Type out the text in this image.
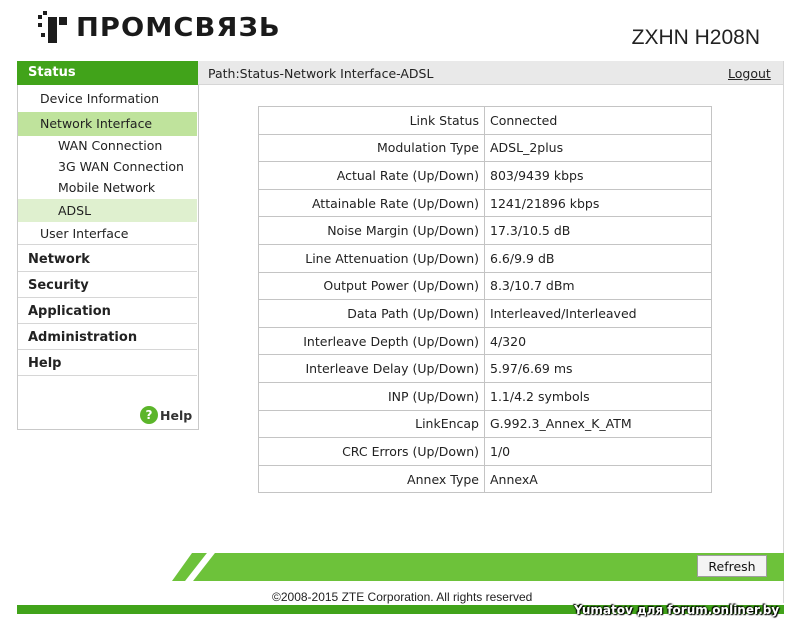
ПРОМСВЯЗЬ	ZXHN H208N
Status
Device Information
Network Interface
WAN Connection
3G WAN Connection
Mobile Network
ADSL
User Interface
Network
Security
Application
Administration
Help
? Help
Path:Status-Network Interface-ADSL	Logout
Link Status	Connected
Modulation Type	ADSL_2plus
Actual Rate (Up/Down)	803/9439 kbps
Attainable Rate (Up/Down)	1241/21896 kbps
Noise Margin (Up/Down)	17.3/10.5 dB
Line Attenuation (Up/Down)	6.6/9.9 dB
Output Power (Up/Down)	8.3/10.7 dBm
Data Path (Up/Down)	Interleaved/Interleaved
Interleave Depth (Up/Down)	4/320
Interleave Delay (Up/Down)	5.97/6.69 ms
INP (Up/Down)	1.1/4.2 symbols
LinkEncap	G.992.3_Annex_K_ATM
CRC Errors (Up/Down)	1/0
Annex Type	AnnexA
Refresh
©2008-2015 ZTE Corporation. All rights reserved
Yumatov для forum.onliner.by
